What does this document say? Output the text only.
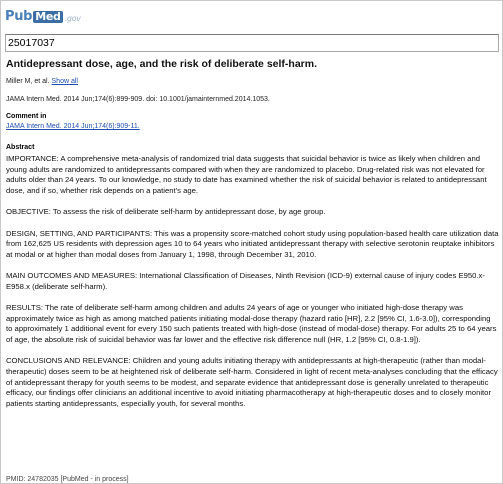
Pub Med .gov
25017037
Antidepressant dose, age, and the risk of deliberate self-harm.
Miller M, et al. Show all
JAMA Intern Med. 2014 Jun;174(6):899-909. doi: 10.1001/jamainternmed.2014.1053.
Comment in
JAMA Intern Med. 2014 Jun;174(6):909-11.
Abstract

IMPORTANCE: A comprehensive meta-analysis of randomized trial data suggests that suicidal behavior is twice as likely when children and young adults are randomized to antidepressants compared with when they are randomized to placebo. Drug-related risk was not elevated for adults older than 24 years. To our knowledge, no study to date has examined whether the risk of suicidal behavior is related to antidepressant dose, and if so, whether risk depends on a patient's age.

OBJECTIVE: To assess the risk of deliberate self-harm by antidepressant dose, by age group.

DESIGN, SETTING, AND PARTICIPANTS: This was a propensity score-matched cohort study using population-based health care utilization data from 162,625 US residents with depression ages 10 to 64 years who initiated antidepressant therapy with selective serotonin reuptake inhibitors at modal or at higher than modal doses from January 1, 1998, through December 31, 2010.

MAIN OUTCOMES AND MEASURES: International Classification of Diseases, Ninth Revision (ICD-9) external cause of injury codes E950.x-E958.x (deliberate self-harm).

RESULTS: The rate of deliberate self-harm among children and adults 24 years of age or younger who initiated high-dose therapy was approximately twice as high as among matched patients initiating modal-dose therapy (hazard ratio [HR], 2.2 [95% CI, 1.6-3.0]), corresponding to approximately 1 additional event for every 150 such patients treated with high-dose (instead of modal-dose) therapy. For adults 25 to 64 years of age, the absolute risk of suicidal behavior was far lower and the effective risk difference null (HR, 1.2 [95% CI, 0.8-1.9]).

CONCLUSIONS AND RELEVANCE: Children and young adults initiating therapy with antidepressants at high-therapeutic (rather than modal-therapeutic) doses seem to be at heightened risk of deliberate self-harm. Considered in light of recent meta-analyses concluding that the efficacy of antidepressant therapy for youth seems to be modest, and separate evidence that antidepressant dose is generally unrelated to therapeutic efficacy, our findings offer clinicians an additional incentive to avoid initiating pharmacotherapy at high-therapeutic doses and to closely monitor patients starting antidepressants, especially youth, for several months.

PMID: 24782035 [PubMed - in process]
